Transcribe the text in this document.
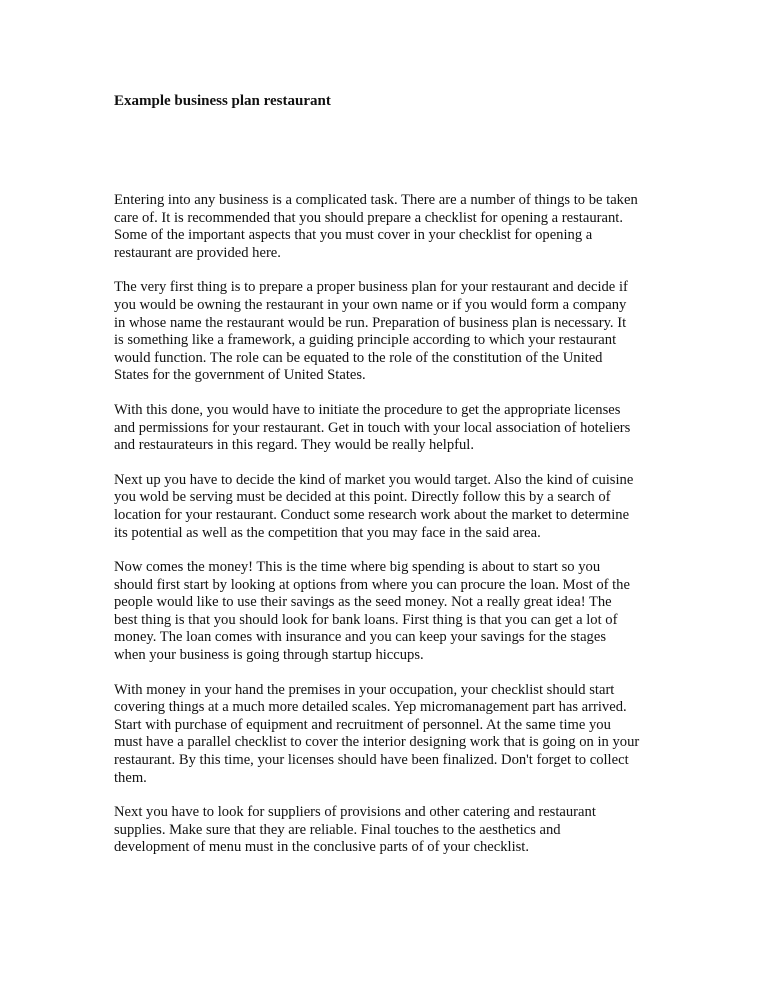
Example business plan restaurant

Entering into any business is a complicated task. There are a number of things to be taken
care of. It is recommended that you should prepare a checklist for opening a restaurant.
Some of the important aspects that you must cover in your checklist for opening a
restaurant are provided here.

The very first thing is to prepare a proper business plan for your restaurant and decide if
you would be owning the restaurant in your own name or if you would form a company
in whose name the restaurant would be run. Preparation of business plan is necessary. It
is something like a framework, a guiding principle according to which your restaurant
would function. The role can be equated to the role of the constitution of the United
States for the government of United States.

With this done, you would have to initiate the procedure to get the appropriate licenses
and permissions for your restaurant. Get in touch with your local association of hoteliers
and restaurateurs in this regard. They would be really helpful.

Next up you have to decide the kind of market you would target. Also the kind of cuisine
you wold be serving must be decided at this point. Directly follow this by a search of
location for your restaurant. Conduct some research work about the market to determine
its potential as well as the competition that you may face in the said area.

Now comes the money! This is the time where big spending is about to start so you
should first start by looking at options from where you can procure the loan. Most of the
people would like to use their savings as the seed money. Not a really great idea! The
best thing is that you should look for bank loans. First thing is that you can get a lot of
money. The loan comes with insurance and you can keep your savings for the stages
when your business is going through startup hiccups.

With money in your hand the premises in your occupation, your checklist should start
covering things at a much more detailed scales. Yep micromanagement part has arrived.
Start with purchase of equipment and recruitment of personnel. At the same time you
must have a parallel checklist to cover the interior designing work that is going on in your
restaurant. By this time, your licenses should have been finalized. Don't forget to collect
them.

Next you have to look for suppliers of provisions and other catering and restaurant
supplies. Make sure that they are reliable. Final touches to the aesthetics and
development of menu must in the conclusive parts of of your checklist.
